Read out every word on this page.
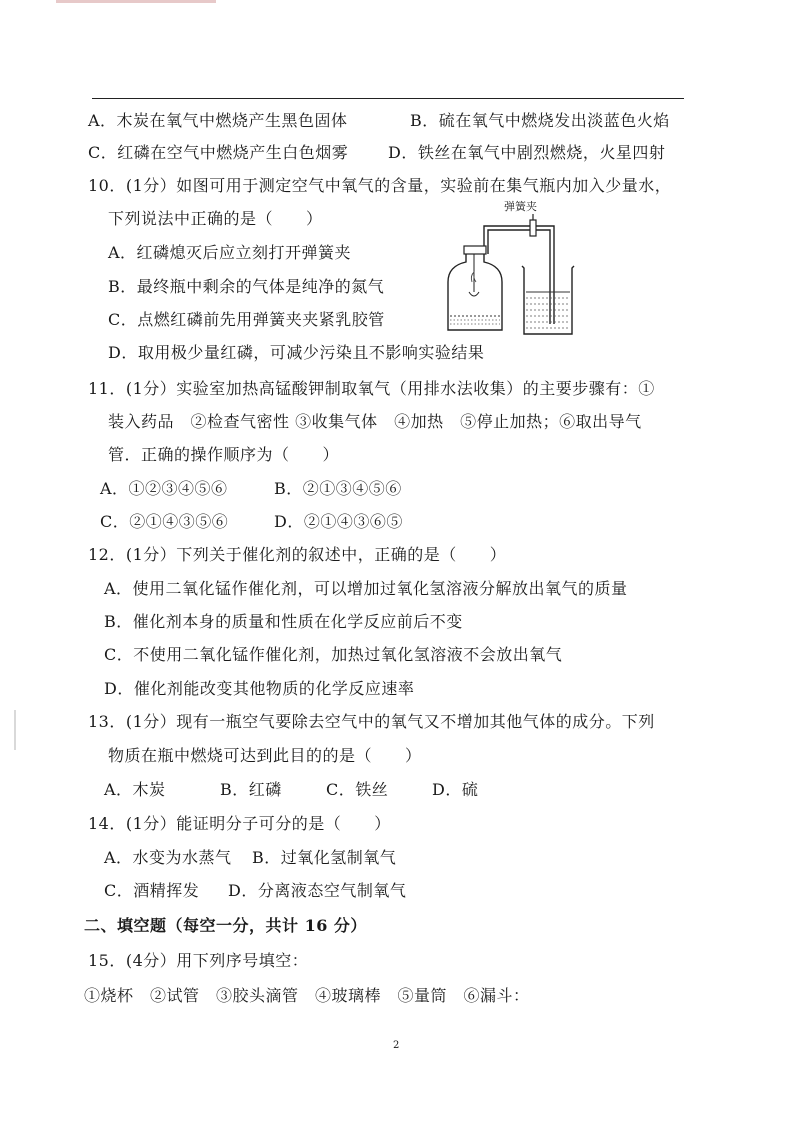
A．木炭在氧气中燃烧产生黑色固体	B．硫在氧气中燃烧发出淡蓝色火焰
C．红磷在空气中燃烧产生白色烟雾 D．铁丝在氧气中剧烈燃烧，火星四射
10．(1分）如图可用于测定空气中氧气的含量，实验前在集气瓶内加入少量水，
下列说法中正确的是（　　）
A．红磷熄灭后应立刻打开弹簧夹
B．最终瓶中剩余的气体是纯净的氮气
C．点燃红磷前先用弹簧夹夹紧乳胶管
D．取用极少量红磷，可减少污染且不影响实验结果
弹簧夹
11．(1分）实验室加热高锰酸钾制取氧气（用排水法收集）的主要步骤有：①
装入药品　②检查气密性 ③收集气体　④加热　⑤停止加热；⑥取出导气
管．正确的操作顺序为（　　）
A．①②③④⑤⑥	B．②①③④⑤⑥
C．②①④③⑤⑥	D．②①④③⑥⑤
12．(1分）下列关于催化剂的叙述中，正确的是（　　）
A．使用二氧化锰作催化剂，可以增加过氧化氢溶液分解放出氧气的质量
B．催化剂本身的质量和性质在化学反应前后不变
C．不使用二氧化锰作催化剂，加热过氧化氢溶液不会放出氧气
D．催化剂能改变其他物质的化学反应速率
13．(1分）现有一瓶空气要除去空气中的氧气又不增加其他气体的成分。下列
物质在瓶中燃烧可达到此目的的是（　　）
A．木炭	B．红磷	C．铁丝	D．硫
14．(1分）能证明分子可分的是（　　）
A．水变为水蒸气 B．过氧化氢制氧气
C．酒精挥发 D．分离液态空气制氧气
二、填空题（每空一分，共计 16 分）
15．(4分）用下列序号填空：
①烧杯　②试管　③胶头滴管　④玻璃棒　⑤量筒　⑥漏斗：
2
